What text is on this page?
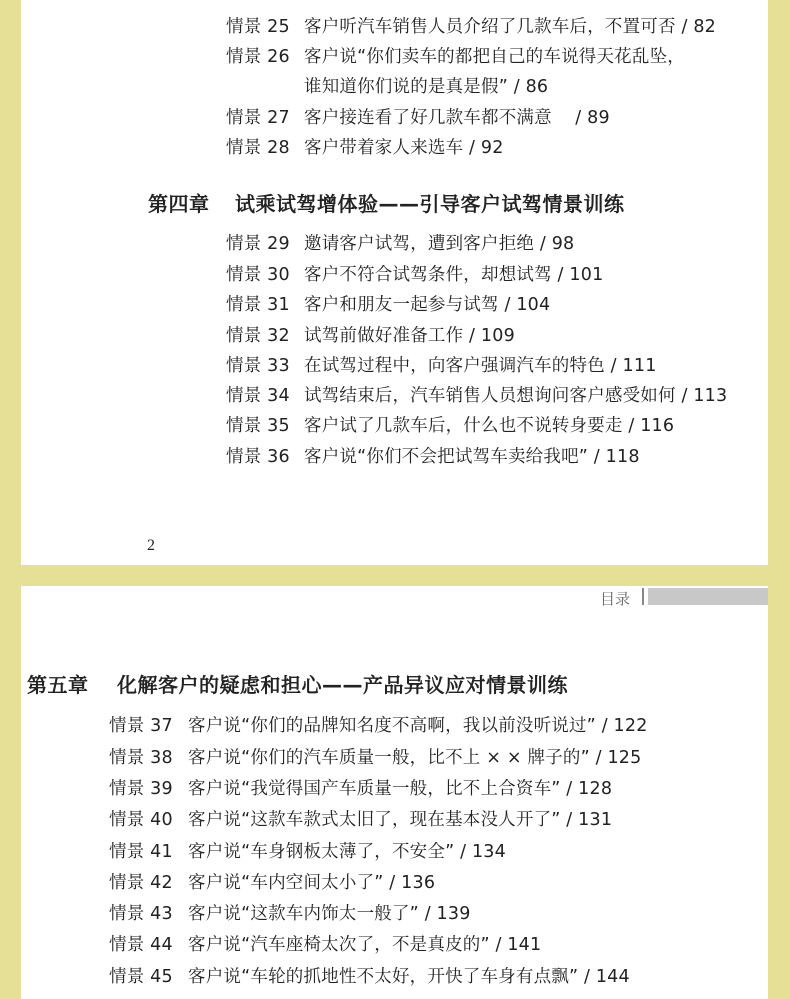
情景 25 客户听汽车销售人员介绍了几款车后，不置可否 / 82
情景 26 客户说“你们卖车的都把自己的车说得天花乱坠，
谁知道你们说的是真是假” / 86
情景 27 客户接连看了好几款车都不满意　 / 89
情景 28 客户带着家人来选车 / 92
第四章 试乘试驾增体验——引导客户试驾情景训练
情景 29 邀请客户试驾，遭到客户拒绝 / 98
情景 30 客户不符合试驾条件，却想试驾 / 101
情景 31 客户和朋友一起参与试驾 / 104
情景 32 试驾前做好准备工作 / 109
情景 33 在试驾过程中，向客户强调汽车的特色 / 111
情景 34 试驾结束后，汽车销售人员想询问客户感受如何 / 113
情景 35 客户试了几款车后，什么也不说转身要走 / 116
情景 36 客户说“你们不会把试驾车卖给我吧” / 118
2
目录
第五章 化解客户的疑虑和担心——产品异议应对情景训练
情景 37 客户说“你们的品牌知名度不高啊，我以前没听说过” / 122
情景 38 客户说“你们的汽车质量一般，比不上 × × 牌子的” / 125
情景 39 客户说“我觉得国产车质量一般，比不上合资车” / 128
情景 40 客户说“这款车款式太旧了，现在基本没人开了” / 131
情景 41 客户说“车身钢板太薄了，不安全” / 134
情景 42 客户说“车内空间太小了” / 136
情景 43 客户说“这款车内饰太一般了” / 139
情景 44 客户说“汽车座椅太次了，不是真皮的” / 141
情景 45 客户说“车轮的抓地性不太好，开快了车身有点飘” / 144
